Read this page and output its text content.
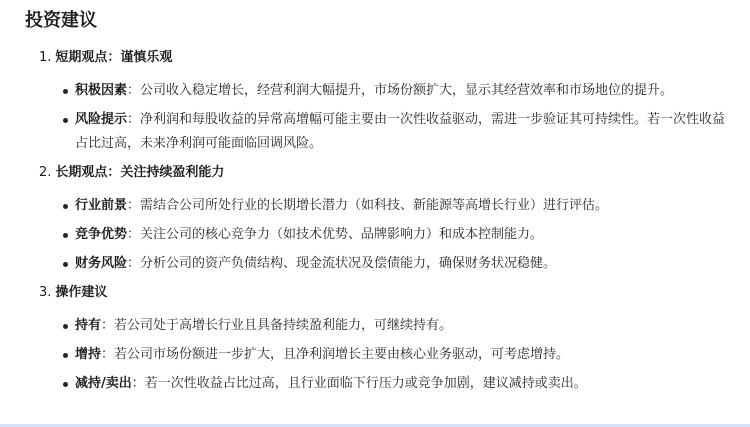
投资建议
1. 短期观点：谨慎乐观
积极因素：公司收入稳定增长，经营利润大幅提升，市场份额扩大，显示其经营效率和市场地位的提升。
风险提示：净利润和每股收益的异常高增幅可能主要由一次性收益驱动，需进一步验证其可持续性。若一次性收益占比过高，未来净利润可能面临回调风险。
2. 长期观点：关注持续盈利能力
行业前景：需结合公司所处行业的长期增长潜力（如科技、新能源等高增长行业）进行评估。
竞争优势：关注公司的核心竞争力（如技术优势、品牌影响力）和成本控制能力。
财务风险：分析公司的资产负债结构、现金流状况及偿债能力，确保财务状况稳健。
3. 操作建议
持有：若公司处于高增长行业且具备持续盈利能力，可继续持有。
增持：若公司市场份额进一步扩大，且净利润增长主要由核心业务驱动，可考虑增持。
减持/卖出：若一次性收益占比过高，且行业面临下行压力或竞争加剧，建议减持或卖出。
